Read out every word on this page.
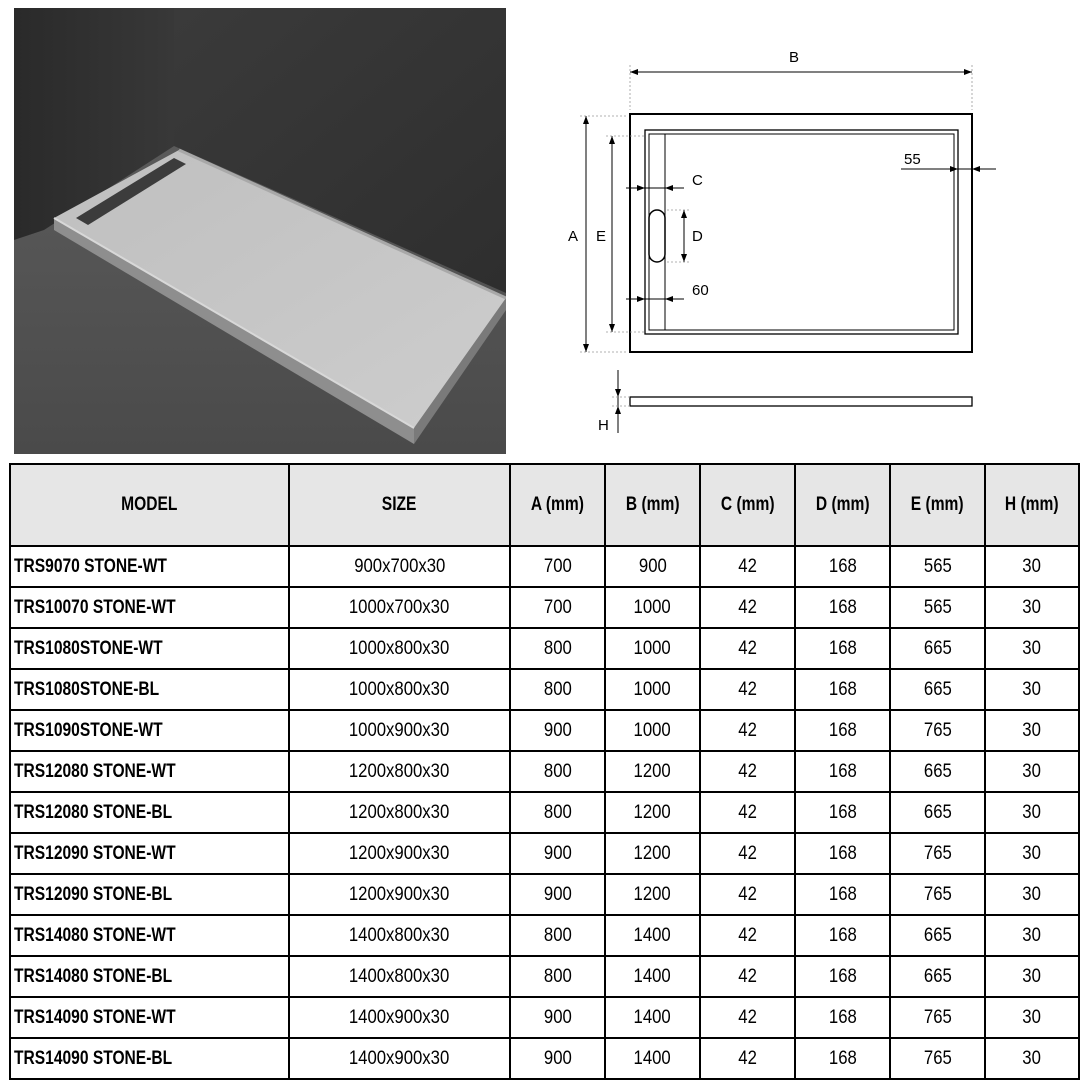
B
A E
C
D
60
55
H
MODEL	SIZE	A (mm)	B (mm)	C (mm)	D (mm)	E (mm)	H (mm)
TRS9070 STONE-WT	900x700x30	700	900	42	168	565	30
TRS10070 STONE-WT	1000x700x30	700	1000	42	168	565	30
TRS1080STONE-WT	1000x800x30	800	1000	42	168	665	30
TRS1080STONE-BL	1000x800x30	800	1000	42	168	665	30
TRS1090STONE-WT	1000x900x30	900	1000	42	168	765	30
TRS12080 STONE-WT	1200x800x30	800	1200	42	168	665	30
TRS12080 STONE-BL	1200x800x30	800	1200	42	168	665	30
TRS12090 STONE-WT	1200x900x30	900	1200	42	168	765	30
TRS12090 STONE-BL	1200x900x30	900	1200	42	168	765	30
TRS14080 STONE-WT	1400x800x30	800	1400	42	168	665	30
TRS14080 STONE-BL	1400x800x30	800	1400	42	168	665	30
TRS14090 STONE-WT	1400x900x30	900	1400	42	168	765	30
TRS14090 STONE-BL	1400x900x30	900	1400	42	168	765	30
